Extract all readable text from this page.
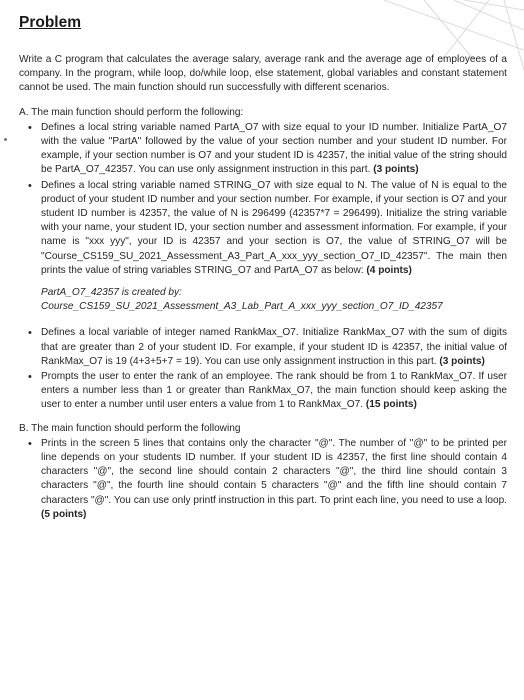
Problem

Write a C program that calculates the average salary, average rank and the average age of employees of a company. In the program, while loop, do/while loop, else statement, global variables and constant statement cannot be used. The main function should run successfully with different scenarios.

A. The main function should perform the following:

• Defines a local string variable named PartA_O7 with size equal to your ID number. Initialize PartA_O7 with the value "PartA" followed by the value of your section number and your student ID number. For example, if your section number is O7 and your student ID is 42357, the initial value of the string should be PartA_O7_42357. You can use only assignment instruction in this part. (3 points)
• Defines a local string variable named STRING_O7 with size equal to N. The value of N is equal to the product of your student ID number and your section number. For example, if your section is O7 and your student ID number is 42357, the value of N is 296499 (42357*7 = 296499). Initialize the string variable with your name, your student ID, your section number and assessment information. For example, if your name is "xxx yyy", your ID is 42357 and your section is O7, the value of STRING_O7 will be "Course_CS159_SU_2021_Assessment_A3_Part_A_xxx_yyy_section_O7_ID_42357". The main then prints the value of string variables STRING_O7 and PartA_O7 as below: (4 points)
PartA_O7_42357 is created by:
Course_CS159_SU_2021_Assessment_A3_Lab_Part_A_xxx_yyy_section_O7_ID_42357
• Defines a local variable of integer named RankMax_O7. Initialize RankMax_O7 with the sum of digits that are greater than 2 of your student ID. For example, if your student ID is 42357, the initial value of RankMax_O7 is 19 (4+3+5+7 = 19). You can use only assignment instruction in this part. (3 points)
• Prompts the user to enter the rank of an employee. The rank should be from 1 to RankMax_O7. If user enters a number less than 1 or greater than RankMax_O7, the main function should keep asking the user to enter a number until user enters a value from 1 to RankMax_O7. (15 points)

B. The main function should perform the following

• Prints in the screen 5 lines that contains only the character "@". The number of "@" to be printed per line depends on your students ID number. If your student ID is 42357, the first line should contain 4 characters "@", the second line should contain 2 characters "@", the third line should contain 3 characters "@", the fourth line should contain 5 characters "@" and the fifth line should contain 7 characters "@". You can use only printf instruction in this part. To print each line, you need to use a loop. (5 points)
